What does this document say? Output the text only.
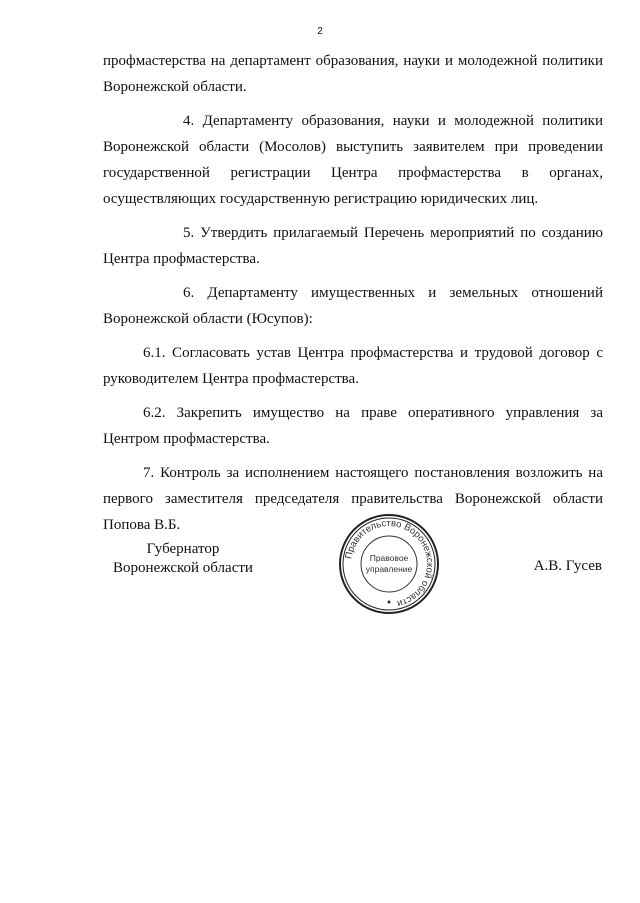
2

профмастерства на департамент образования, науки и молодежной политики Воронежской области.

4. Департаменту образования, науки и молодежной политики Воронежской области (Мосолов) выступить заявителем при проведении государственной регистрации Центра профмастерства в органах, осуществляющих государственную регистрацию юридических лиц.

5. Утвердить прилагаемый Перечень мероприятий по созданию Центра профмастерства.

6. Департаменту имущественных и земельных отношений Воронежской области (Юсупов):

6.1. Согласовать устав Центра профмастерства и трудовой договор с руководителем Центра профмастерства.

6.2. Закрепить имущество на праве оперативного управления за Центром профмастерства.

7. Контроль за исполнением настоящего постановления возложить на первого заместителя председателя правительства Воронежской области Попова В.Б.

Губернатор
Воронежской области
Правительство Воронежской области
Правовое
управление	А.В. Гусев
